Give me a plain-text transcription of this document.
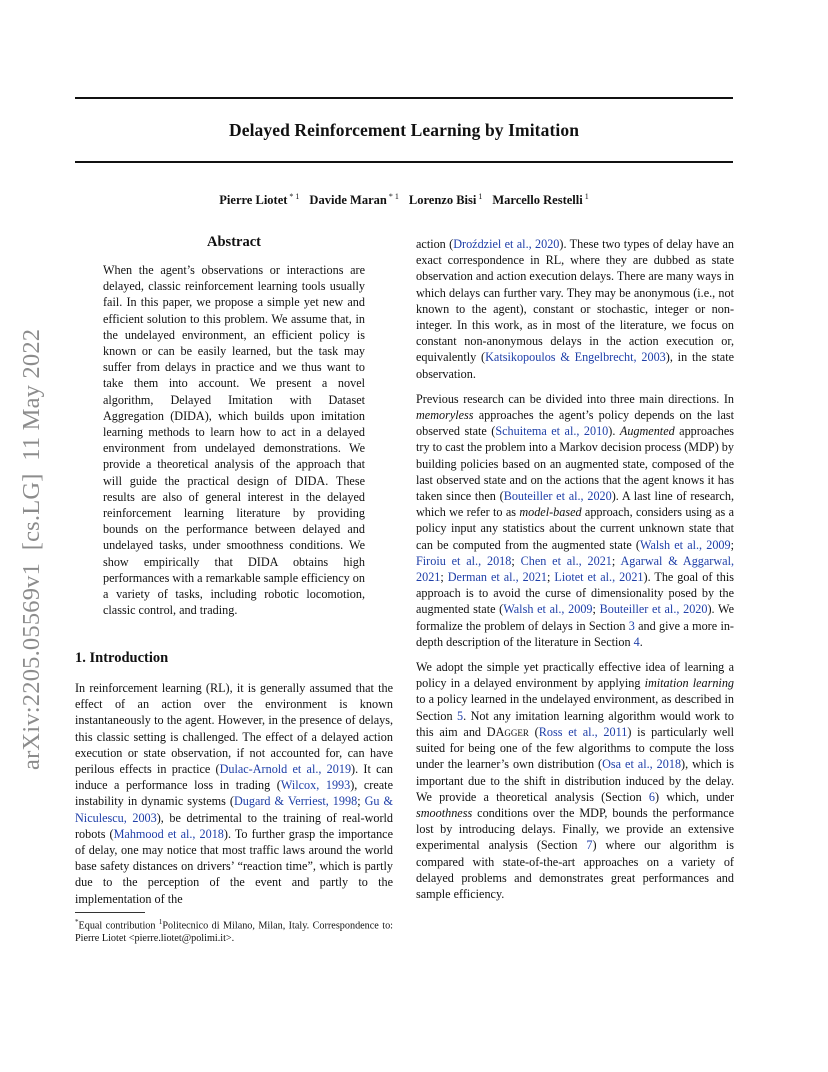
Delayed Reinforcement Learning by Imitation
Pierre Liotet $^{* 1}$ Davide Maran $^{* 1}$ Lorenzo Bisi $^1$ Marcello Restelli $^1$
arXiv:2205.05569v1  [cs.LG]  11 May 2022
Abstract
When the agent’s observations or interactions are delayed, classic reinforcement learning tools usually fail. In this paper, we propose a simple yet new and efficient solution to this problem. We assume that, in the undelayed environment, an efficient policy is known or can be easily learned, but the task may suffer from delays in practice and we thus want to take them into account. We present a novel algorithm, Delayed Imitation with Dataset Aggregation (DIDA), which builds upon imitation learning methods to learn how to act in a delayed environment from undelayed demonstrations. We provide a theoretical analysis of the approach that will guide the practical design of DIDA. These results are also of general interest in the delayed reinforcement learning literature by providing bounds on the performance between delayed and undelayed tasks, under smoothness conditions. We show empirically that DIDA obtains high performances with a remarkable sample efficiency on a variety of tasks, including robotic locomotion, classic control, and trading.
1. Introduction

In reinforcement learning (RL), it is generally assumed that the effect of an action over the environment is known instantaneously to the agent. However, in the presence of delays, this classic setting is challenged. The effect of a delayed action execution or state observation, if not accounted for, can have perilous effects in practice (Dulac-Arnold et al., 2019). It can induce a performance loss in trading (Wilcox, 1993), create instability in dynamic systems (Dugard & Verriest, 1998; Gu & Niculescu, 2003), be detrimental to the training of real-world robots (Mahmood et al., 2018). To further grasp the importance of delay, one may notice that most traffic laws around the world base safety distances on drivers’ “reaction time”, which is partly due to the perception of the event and partly to the implementation of the

*Equal contribution $^1$Politecnico di Milano, Milan, Italy. Correspondence to: Pierre Liotet <pierre.liotet@polimi.it>.

action (Droździel et al., 2020). These two types of delay have an exact correspondence in RL, where they are dubbed as state observation and action execution delays. There are many ways in which delays can further vary. They may be anonymous (i.e., not known to the agent), constant or stochastic, integer or non-integer. In this work, as in most of the literature, we focus on constant non-anonymous delays in the action execution or, equivalently (Katsikopoulos & Engelbrecht, 2003), in the state observation.

Previous research can be divided into three main directions. In memoryless approaches the agent’s policy depends on the last observed state (Schuitema et al., 2010). Augmented approaches try to cast the problem into a Markov decision process (MDP) by building policies based on an augmented state, composed of the last observed state and on the actions that the agent knows it has taken since then (Bouteiller et al., 2020). A last line of research, which we refer to as model-based approach, considers using as a policy input any statistics about the current unknown state that can be computed from the augmented state (Walsh et al., 2009; Firoiu et al., 2018; Chen et al., 2021; Agarwal & Aggarwal, 2021; Derman et al., 2021; Liotet et al., 2021). The goal of this approach is to avoid the curse of dimensionality posed by the augmented state (Walsh et al., 2009; Bouteiller et al., 2020). We formalize the problem of delays in Section 3 and give a more in-depth description of the literature in Section 4.

We adopt the simple yet practically effective idea of learning a policy in a delayed environment by applying imitation learning to a policy learned in the undelayed environment, as described in Section 5. Not any imitation learning algorithm would work to this aim and DAgger (Ross et al., 2011) is particularly well suited for being one of the few algorithms to compute the loss under the learner’s own distribution (Osa et al., 2018), which is important due to the shift in distribution induced by the delay. We provide a theoretical analysis (Section 6) which, under smoothness conditions over the MDP, bounds the performance lost by introducing delays. Finally, we provide an extensive experimental analysis (Section 7) where our algorithm is compared with state-of-the-art approaches on a variety of delayed problems and demonstrates great performances and sample efficiency.
